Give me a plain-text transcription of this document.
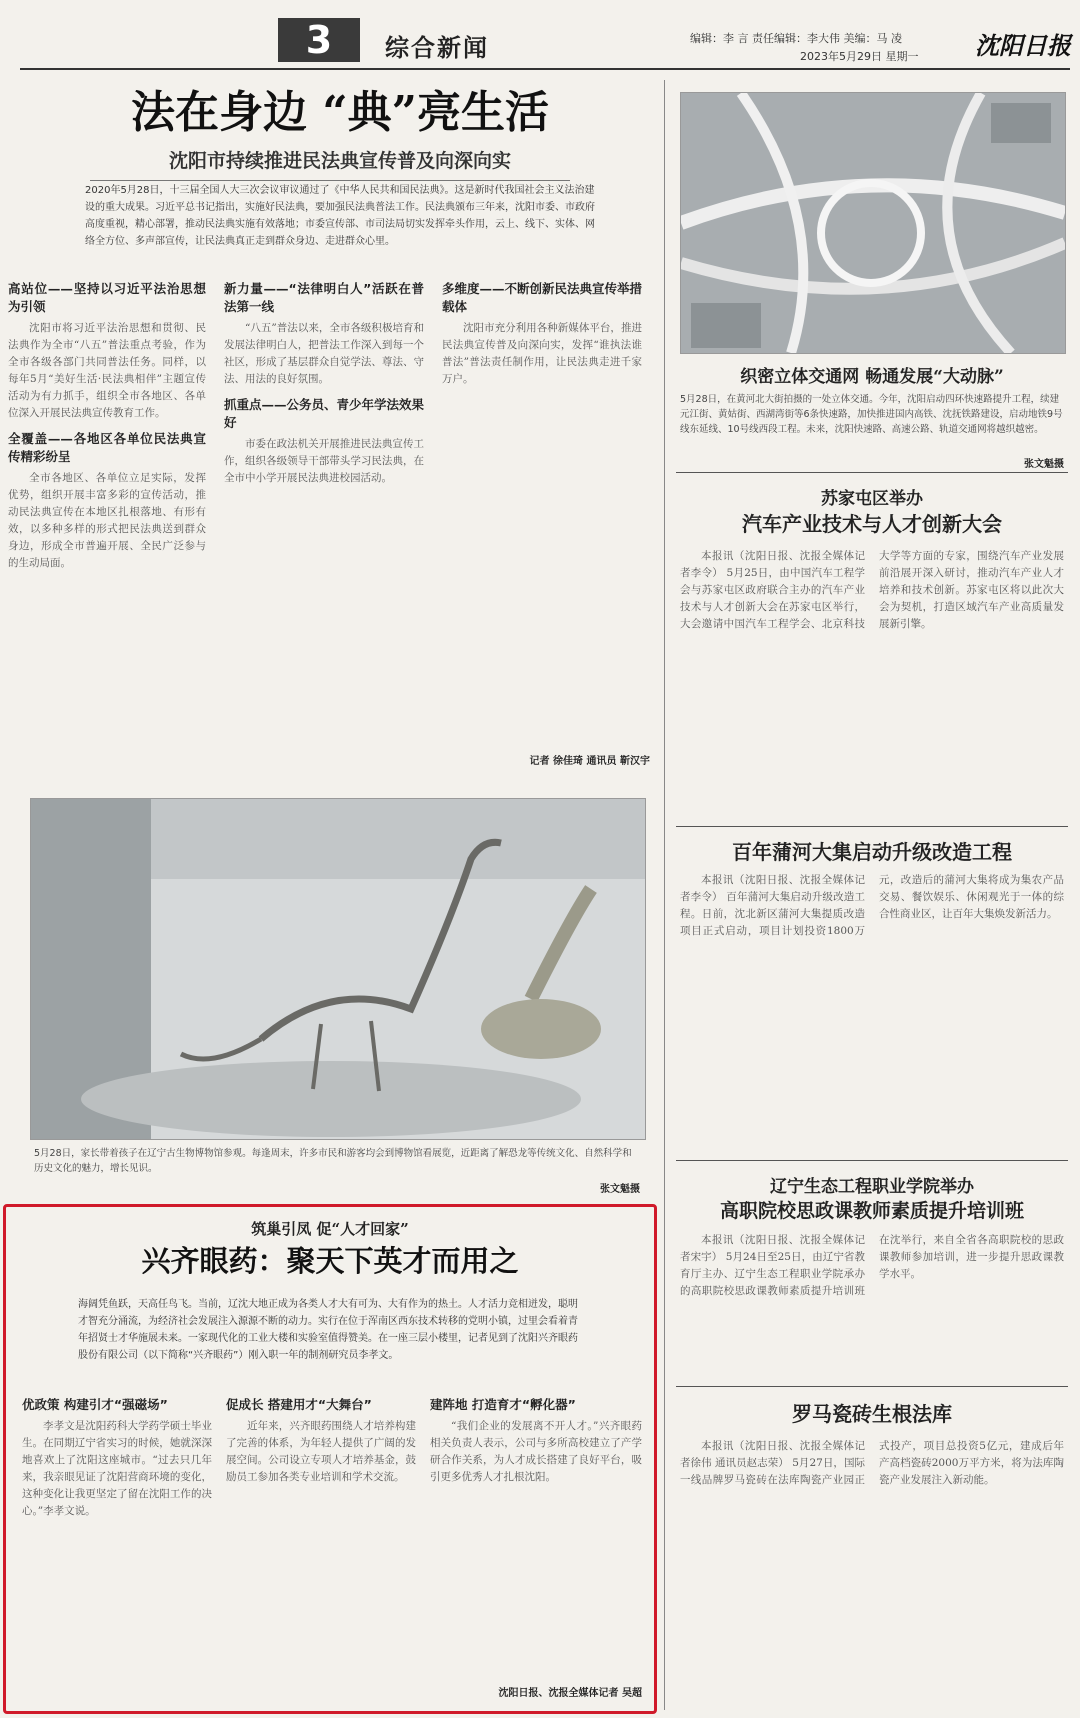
3	综合新闻	编辑：李 言 责任编辑：李大伟 美编：马 凌
2023年5月29日 星期一 沈阳日报
法在身边 “典”亮生活
沈阳市持续推进民法典宣传普及向深向实
2020年5月28日，十三届全国人大三次会议审议通过了《中华人民共和国民法典》。这是新时代我国社会主义法治建设的重大成果。习近平总书记指出，实施好民法典，要加强民法典普法工作。民法典颁布三年来，沈阳市委、市政府高度重视，精心部署，推动民法典实施有效落地；市委宣传部、市司法局切实发挥牵头作用，云上、线下、实体、网络全方位、多声部宣传，让民法典真正走到群众身边、走进群众心里。
高站位——坚持以习近平法治思想为引领

沈阳市将习近平法治思想和贯彻、民法典作为全市“八五”普法重点考验，作为全市各级各部门共同普法任务。同样，以每年5月“美好生活·民法典相伴”主题宣传活动为有力抓手，组织全市各地区、各单位深入开展民法典宣传教育工作。

全覆盖——各地区各单位民法典宣传精彩纷呈

全市各地区、各单位立足实际，发挥优势，组织开展丰富多彩的宣传活动，推动民法典宣传在本地区扎根落地、有形有效，以多种多样的形式把民法典送到群众身边，形成全市普遍开展、全民广泛参与的生动局面。

新力量——“法律明白人”活跃在普法第一线

“八五”普法以来，全市各级积极培育和发展法律明白人，把普法工作深入到每一个社区，形成了基层群众自觉学法、尊法、守法、用法的良好氛围。

抓重点——公务员、青少年学法效果好

市委在政法机关开展推进民法典宣传工作，组织各级领导干部带头学习民法典，在全市中小学开展民法典进校园活动。

多维度——不断创新民法典宣传举措载体

沈阳市充分利用各种新媒体平台，推进民法典宣传普及向深向实，发挥“谁执法谁普法”普法责任制作用，让民法典走进千家万户。

记者 徐佳琦 通讯员 靳汉宇
织密立体交通网 畅通发展“大动脉”
5月28日，在黄河北大街拍摄的一处立体交通。今年，沈阳启动四环快速路提升工程，续建元江街、黄姑街、西湖湾街等6条快速路，加快推进国内高铁、沈抚铁路建设，启动地铁9号线东延线、10号线西段工程。未来，沈阳快速路、高速公路、轨道交通网将越织越密。
张文魁摄
苏家屯区举办
汽车产业技术与人才创新大会

本报讯（沈阳日报、沈报全媒体记者李令） 5月25日，由中国汽车工程学会与苏家屯区政府联合主办的汽车产业技术与人才创新大会在苏家屯区举行，大会邀请中国汽车工程学会、北京科技大学等方面的专家，围绕汽车产业发展前沿展开深入研讨，推动汽车产业人才培养和技术创新。苏家屯区将以此次大会为契机，打造区域汽车产业高质量发展新引擎。

百年蒲河大集启动升级改造工程

本报讯（沈阳日报、沈报全媒体记者李令） 百年蒲河大集启动升级改造工程。日前，沈北新区蒲河大集提质改造项目正式启动，项目计划投资1800万元，改造后的蒲河大集将成为集农产品交易、餐饮娱乐、休闲观光于一体的综合性商业区，让百年大集焕发新活力。

辽宁生态工程职业学院举办
高职院校思政课教师素质提升培训班

本报讯（沈阳日报、沈报全媒体记者宋宇） 5月24日至25日，由辽宁省教育厅主办、辽宁生态工程职业学院承办的高职院校思政课教师素质提升培训班在沈举行，来自全省各高职院校的思政课教师参加培训，进一步提升思政课教学水平。

罗马瓷砖生根法库

本报讯（沈阳日报、沈报全媒体记者徐伟 通讯员赵志荣） 5月27日，国际一线品牌罗马瓷砖在法库陶瓷产业园正式投产，项目总投资5亿元，建成后年产高档瓷砖2000万平方米，将为法库陶瓷产业发展注入新动能。

5月28日，家长带着孩子在辽宁古生物博物馆参观。每逢周末，许多市民和游客均会到博物馆看展览，近距离了解恐龙等传统文化、自然科学和历史文化的魅力，增长见识。
张文魁摄
筑巢引凤 促“人才回家”
兴齐眼药：聚天下英才而用之
海阔凭鱼跃，天高任鸟飞。当前，辽沈大地正成为各类人才大有可为、大有作为的热土。人才活力竞相迸发，聪明才智充分涌流，为经济社会发展注入源源不断的动力。实行在位于浑南区西东技术转移的党明小镇，过里会看着青年招贤士才华施展未来。一家现代化的工业大楼和实验室值得赞美。在一座三层小楼里，记者见到了沈阳兴齐眼药股份有限公司（以下简称“兴齐眼药”）刚入职一年的制剂研究员李孝文。
优政策 构建引才“强磁场”

李孝文是沈阳药科大学药学硕士毕业生。在同期辽宁省实习的时候，她就深深地喜欢上了沈阳这座城市。“过去只几年来，我亲眼见证了沈阳营商环境的变化，这种变化让我更坚定了留在沈阳工作的决心。”李孝文说。

促成长 搭建用才“大舞台”

近年来，兴齐眼药围绕人才培养构建了完善的体系，为年轻人提供了广阔的发展空间。公司设立专项人才培养基金，鼓励员工参加各类专业培训和学术交流。

建阵地 打造育才“孵化器”

“我们企业的发展离不开人才。”兴齐眼药相关负责人表示，公司与多所高校建立了产学研合作关系，为人才成长搭建了良好平台，吸引更多优秀人才扎根沈阳。

沈阳日报、沈报全媒体记者 吴超
